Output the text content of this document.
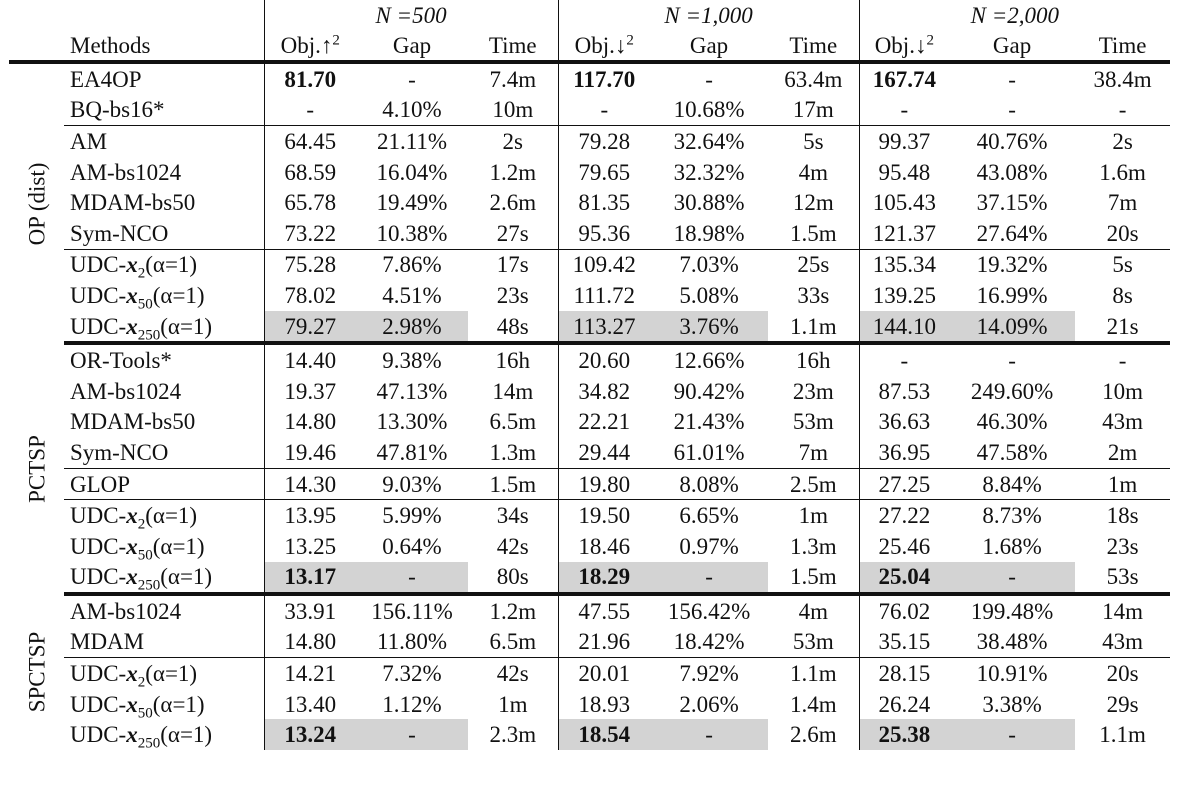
		N =500			N =1,000			N =2,000		
	Methods	Obj.↑$^2$	Gap	Time	Obj.↓$^2$	Gap	Time	Obj.↓$^2$	Gap	Time

OP (dist)	EA4OP	81.70	-	7.4m	117.70	-	63.4m	167.74	-	38.4m
	BQ-bs16*	-	4.10%	10m	-	10.68%	17m	-	-	-
	AM	64.45	21.11%	2s	79.28	32.64%	5s	99.37	40.76%	2s
	AM-bs1024	68.59	16.04%	1.2m	79.65	32.32%	4m	95.48	43.08%	1.6m
	MDAM-bs50	65.78	19.49%	2.6m	81.35	30.88%	12m	105.43	37.15%	7m
	Sym-NCO	73.22	10.38%	27s	95.36	18.98%	1.5m	121.37	27.64%	20s
	UDC-$x_2(\alpha=1)$	75.28	7.86%	17s	109.42	7.03%	25s	135.34	19.32%	5s
	UDC-$x_{50}(\alpha=1)$	78.02	4.51%	23s	111.72	5.08%	33s	139.25	16.99%	8s
	UDC-$x_{250}(\alpha=1)$	79.27	2.98%	48s	113.27	3.76%	1.1m	144.10	14.09%	21s

PCTSP	OR-Tools*	14.40	9.38%	16h	20.60	12.66%	16h	-	-	-
	AM-bs1024	19.37	47.13%	14m	34.82	90.42%	23m	87.53	249.60%	10m
	MDAM-bs50	14.80	13.30%	6.5m	22.21	21.43%	53m	36.63	46.30%	43m
	Sym-NCO	19.46	47.81%	1.3m	29.44	61.01%	7m	36.95	47.58%	2m
	GLOP	14.30	9.03%	1.5m	19.80	8.08%	2.5m	27.25	8.84%	1m
	UDC-$x_2(\alpha=1)$	13.95	5.99%	34s	19.50	6.65%	1m	27.22	8.73%	18s
	UDC-$x_{50}(\alpha=1)$	13.25	0.64%	42s	18.46	0.97%	1.3m	25.46	1.68%	23s
	UDC-$x_{250}(\alpha=1)$	13.17	-	80s	18.29	-	1.5m	25.04	-	53s

SPCTSP	AM-bs1024	33.91	156.11%	1.2m	47.55	156.42%	4m	76.02	199.48%	14m
	MDAM	14.80	11.80%	6.5m	21.96	18.42%	53m	35.15	38.48%	43m
	UDC-$x_2(\alpha=1)$	14.21	7.32%	42s	20.01	7.92%	1.1m	28.15	10.91%	20s
	UDC-$x_{50}(\alpha=1)$	13.40	1.12%	1m	18.93	2.06%	1.4m	26.24	3.38%	29s
	UDC-$x_{250}(\alpha=1)$	13.24	-	2.3m	18.54	-	2.6m	25.38	-	1.1m
